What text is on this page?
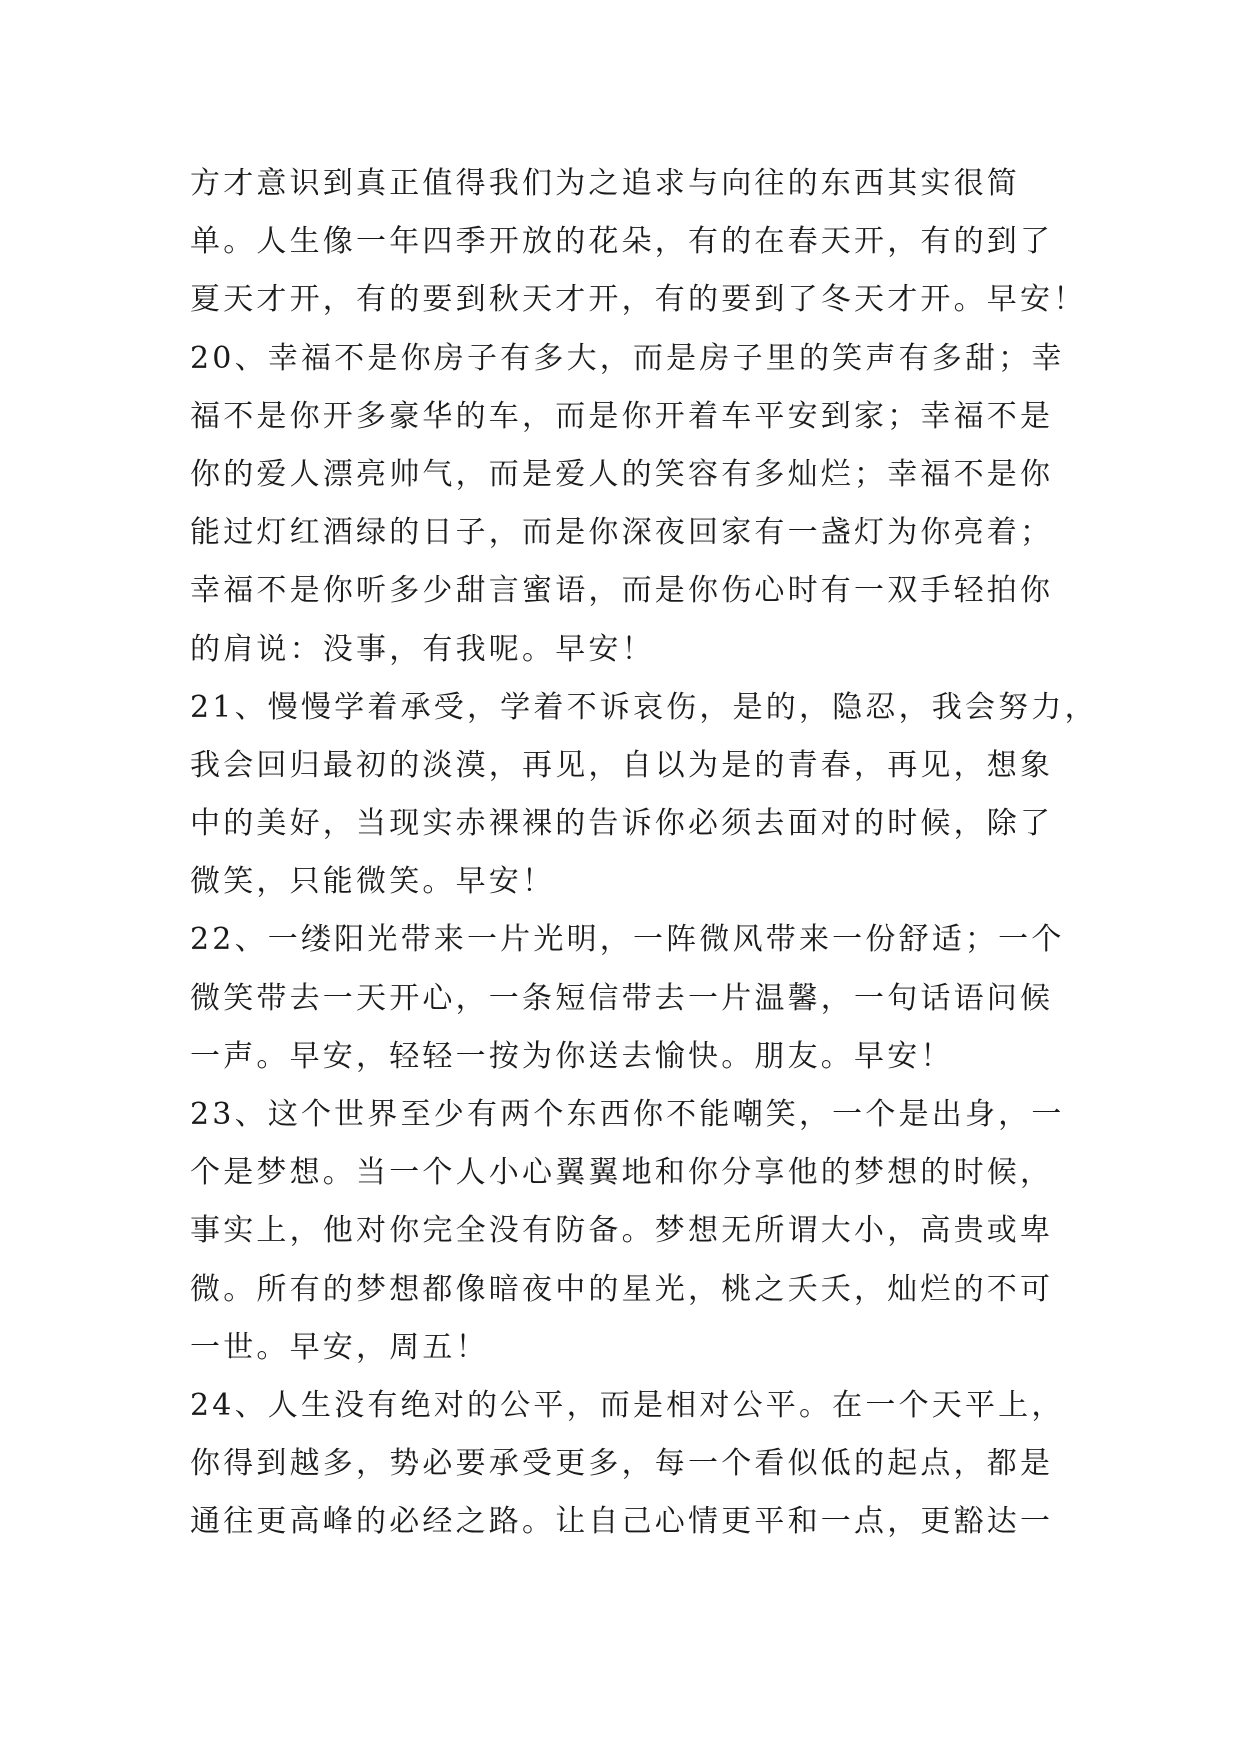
方才意识到真正值得我们为之追求与向往的东西其实很简
单。人生像一年四季开放的花朵，有的在春天开，有的到了
夏天才开，有的要到秋天才开，有的要到了冬天才开。早安！
20、幸福不是你房子有多大，而是房子里的笑声有多甜；幸
福不是你开多豪华的车，而是你开着车平安到家；幸福不是
你的爱人漂亮帅气，而是爱人的笑容有多灿烂；幸福不是你
能过灯红酒绿的日子，而是你深夜回家有一盏灯为你亮着；
幸福不是你听多少甜言蜜语，而是你伤心时有一双手轻拍你
的肩说：没事，有我呢。早安！
21、慢慢学着承受，学着不诉哀伤，是的，隐忍，我会努力，
我会回归最初的淡漠，再见，自以为是的青春，再见，想象
中的美好，当现实赤裸裸的告诉你必须去面对的时候，除了
微笑，只能微笑。早安！
22、一缕阳光带来一片光明，一阵微风带来一份舒适；一个
微笑带去一天开心，一条短信带去一片温馨，一句话语问候
一声。早安，轻轻一按为你送去愉快。朋友。早安！
23、这个世界至少有两个东西你不能嘲笑，一个是出身，一
个是梦想。当一个人小心翼翼地和你分享他的梦想的时候，
事实上，他对你完全没有防备。梦想无所谓大小，高贵或卑
微。所有的梦想都像暗夜中的星光，桃之夭夭，灿烂的不可
一世。早安，周五！
24、人生没有绝对的公平，而是相对公平。在一个天平上，
你得到越多，势必要承受更多，每一个看似低的起点，都是
通往更高峰的必经之路。让自己心情更平和一点，更豁达一
